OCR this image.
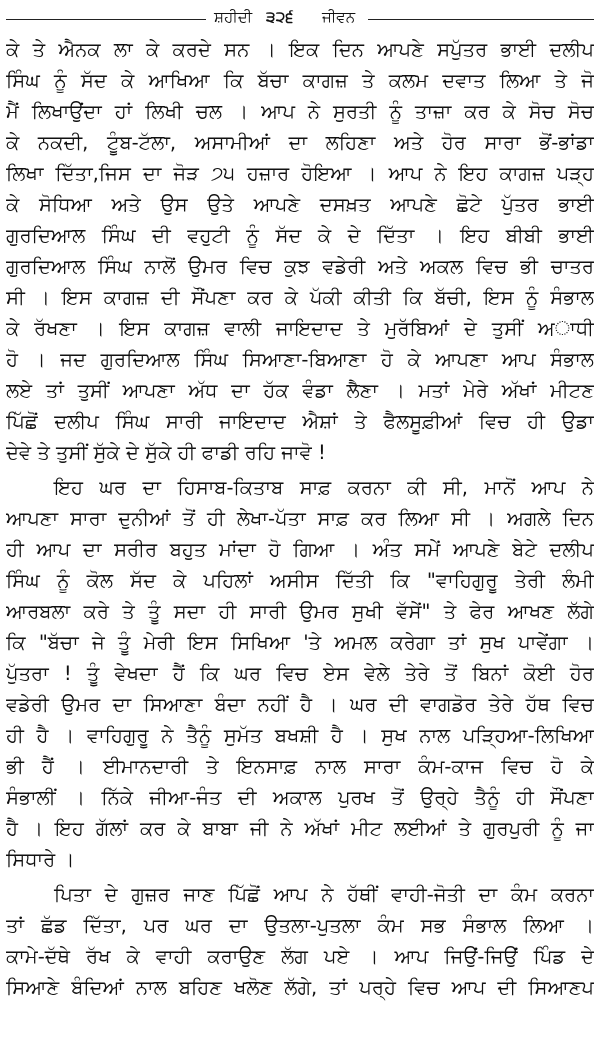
ਸ਼ਹੀਦੀ ੩੨੬ ਜੀਵਨ
ਕੇ ਤੇ ਐਨਕ ਲਾ ਕੇ ਕਰਦੇ ਸਨ । ਇਕ ਦਿਨ ਆਪਣੇ ਸਪੁੱਤਰ ਭਾਈ ਦਲੀਪ
ਸਿੰਘ ਨੂੰ ਸੱਦ ਕੇ ਆਖਿਆ ਕਿ ਬੱਚਾ ਕਾਗਜ਼ ਤੇ ਕਲਮ ਦਵਾਤ ਲਿਆ ਤੇ ਜੋ
ਮੈਂ ਲਿਖਾਉਂਦਾ ਹਾਂ ਲਿਖੀ ਚਲ । ਆਪ ਨੇ ਸੁਰਤੀ ਨੂੰ ਤਾਜ਼ਾ ਕਰ ਕੇ ਸੋਚ ਸੋਚ
ਕੇ ਨਕਦੀ, ਟੂੰਬ-ਟੱਲਾ, ਅਸਾਮੀਆਂ ਦਾ ਲਹਿਣਾ ਅਤੇ ਹੋਰ ਸਾਰਾ ਭੋਂ-ਭਾਂਡਾ
ਲਿਖਾ ਦਿੱਤਾ,ਜਿਸ ਦਾ ਜੋੜ ੭੫ ਹਜ਼ਾਰ ਹੋਇਆ । ਆਪ ਨੇ ਇਹ ਕਾਗਜ਼ ਪੜ੍ਹ
ਕੇ ਸੋਧਿਆ ਅਤੇ ਉਸ ਉਤੇ ਆਪਣੇ ਦਸਖ਼ਤ ਆਪਣੇ ਛੋਟੇ ਪੁੱਤਰ ਭਾਈ
ਗੁਰਦਿਆਲ ਸਿੰਘ ਦੀ ਵਹੁਟੀ ਨੂੰ ਸੱਦ ਕੇ ਦੇ ਦਿੱਤਾ । ਇਹ ਬੀਬੀ ਭਾਈ
ਗੁਰਦਿਆਲ ਸਿੰਘ ਨਾਲੋਂ ਉਮਰ ਵਿਚ ਕੁਝ ਵਡੇਰੀ ਅਤੇ ਅਕਲ ਵਿਚ ਭੀ ਚਾਤਰ
ਸੀ । ਇਸ ਕਾਗਜ਼ ਦੀ ਸੌਂਪਣਾ ਕਰ ਕੇ ਪੱਕੀ ਕੀਤੀ ਕਿ ਬੱਚੀ, ਇਸ ਨੂੰ ਸੰਭਾਲ
ਕੇ ਰੱਖਣਾ । ਇਸ ਕਾਗਜ਼ ਵਾਲੀ ਜਾਇਦਾਦ ਤੇ ਮੁਰੱਬਿਆਂ ਦੇ ਤੁਸੀਂ ਅਾਧੀ
ਹੋ । ਜਦ ਗੁਰਦਿਆਲ ਸਿੰਘ ਸਿਆਣਾ-ਬਿਆਣਾ ਹੋ ਕੇ ਆਪਣਾ ਆਪ ਸੰਭਾਲ
ਲਏ ਤਾਂ ਤੁਸੀਂ ਆਪਣਾ ਅੱਧ ਦਾ ਹੱਕ ਵੰਡਾ ਲੈਣਾ । ਮਤਾਂ ਮੇਰੇ ਅੱਖਾਂ ਮੀਟਣ
ਪਿੱਛੋਂ ਦਲੀਪ ਸਿੰਘ ਸਾਰੀ ਜਾਇਦਾਦ ਐਸ਼ਾਂ ਤੇ ਫੈਲਸੂਫ਼ੀਆਂ ਵਿਚ ਹੀ ਉਡਾ
ਦੇਵੇ ਤੇ ਤੁਸੀਂ ਸੁੱਕੇ ਦੇ ਸੁੱਕੇ ਹੀ ਫਾਡੀ ਰਹਿ ਜਾਵੋ !
ਇਹ ਘਰ ਦਾ ਹਿਸਾਬ-ਕਿਤਾਬ ਸਾਫ਼ ਕਰਨਾ ਕੀ ਸੀ, ਮਾਨੋਂ ਆਪ ਨੇ
ਆਪਣਾ ਸਾਰਾ ਦੁਨੀਆਂ ਤੋਂ ਹੀ ਲੇਖਾ-ਪੱਤਾ ਸਾਫ਼ ਕਰ ਲਿਆ ਸੀ । ਅਗਲੇ ਦਿਨ
ਹੀ ਆਪ ਦਾ ਸਰੀਰ ਬਹੁਤ ਮਾਂਦਾ ਹੋ ਗਿਆ । ਅੰਤ ਸਮੇਂ ਆਪਣੇ ਬੇਟੇ ਦਲੀਪ
ਸਿੰਘ ਨੂੰ ਕੋਲ ਸੱਦ ਕੇ ਪਹਿਲਾਂ ਅਸੀਸ ਦਿੱਤੀ ਕਿ "ਵਾਹਿਗੁਰੂ ਤੇਰੀ ਲੰਮੀ
ਆਰਬਲਾ ਕਰੇ ਤੇ ਤੂੰ ਸਦਾ ਹੀ ਸਾਰੀ ਉਮਰ ਸੁਖੀ ਵੱਸੇਂ" ਤੇ ਫੇਰ ਆਖਣ ਲੱਗੇ
ਕਿ "ਬੱਚਾ ਜੇ ਤੂੰ ਮੇਰੀ ਇਸ ਸਿਖਿਆ 'ਤੇ ਅਮਲ ਕਰੇਗਾ ਤਾਂ ਸੁਖ ਪਾਵੇਂਗਾ ।
ਪੁੱਤਰਾ ! ਤੂੰ ਵੇਖਦਾ ਹੈਂ ਕਿ ਘਰ ਵਿਚ ਏਸ ਵੇਲੇ ਤੇਰੇ ਤੋਂ ਬਿਨਾਂ ਕੋਈ ਹੋਰ
ਵਡੇਰੀ ਉਮਰ ਦਾ ਸਿਆਣਾ ਬੰਦਾ ਨਹੀਂ ਹੈ । ਘਰ ਦੀ ਵਾਗਡੋਰ ਤੇਰੇ ਹੱਥ ਵਿਚ
ਹੀ ਹੈ । ਵਾਹਿਗੁਰੂ ਨੇ ਤੈਨੂੰ ਸੁਮੱਤ ਬਖਸ਼ੀ ਹੈ । ਸੁਖ ਨਾਲ ਪੜ੍ਹਿਆ-ਲਿਖਿਆ
ਭੀ ਹੈਂ । ਈਮਾਨਦਾਰੀ ਤੇ ਇਨਸਾਫ਼ ਨਾਲ ਸਾਰਾ ਕੰਮ-ਕਾਜ ਵਿਚ ਹੋ ਕੇ
ਸੰਭਾਲੀਂ । ਨਿੱਕੇ ਜੀਆ-ਜੰਤ ਦੀ ਅਕਾਲ ਪੁਰਖ ਤੋਂ ਉਰ੍ਹੇ ਤੈਨੂੰ ਹੀ ਸੌਂਪਣਾ
ਹੈ । ਇਹ ਗੱਲਾਂ ਕਰ ਕੇ ਬਾਬਾ ਜੀ ਨੇ ਅੱਖਾਂ ਮੀਟ ਲਈਆਂ ਤੇ ਗੁਰਪੁਰੀ ਨੂੰ ਜਾ
ਸਿਧਾਰੇ ।
ਪਿਤਾ ਦੇ ਗੁਜ਼ਰ ਜਾਣ ਪਿੱਛੋਂ ਆਪ ਨੇ ਹੱਥੀਂ ਵਾਹੀ-ਜੋਤੀ ਦਾ ਕੰਮ ਕਰਨਾ
ਤਾਂ ਛੱਡ ਦਿੱਤਾ, ਪਰ ਘਰ ਦਾ ਉਤਲਾ-ਪੁਤਲਾ ਕੰਮ ਸਭ ਸੰਭਾਲ ਲਿਆ ।
ਕਾਮੇ-ਦੱਥੇ ਰੱਖ ਕੇ ਵਾਹੀ ਕਰਾਉਣ ਲੱਗ ਪਏ । ਆਪ ਜਿਉਂ-ਜਿਉਂ ਪਿੰਡ ਦੇ
ਸਿਆਣੇ ਬੰਦਿਆਂ ਨਾਲ ਬਹਿਣ ਖਲੋਣ ਲੱਗੇ, ਤਾਂ ਪਰ੍ਹੇ ਵਿਚ ਆਪ ਦੀ ਸਿਆਣਪ
